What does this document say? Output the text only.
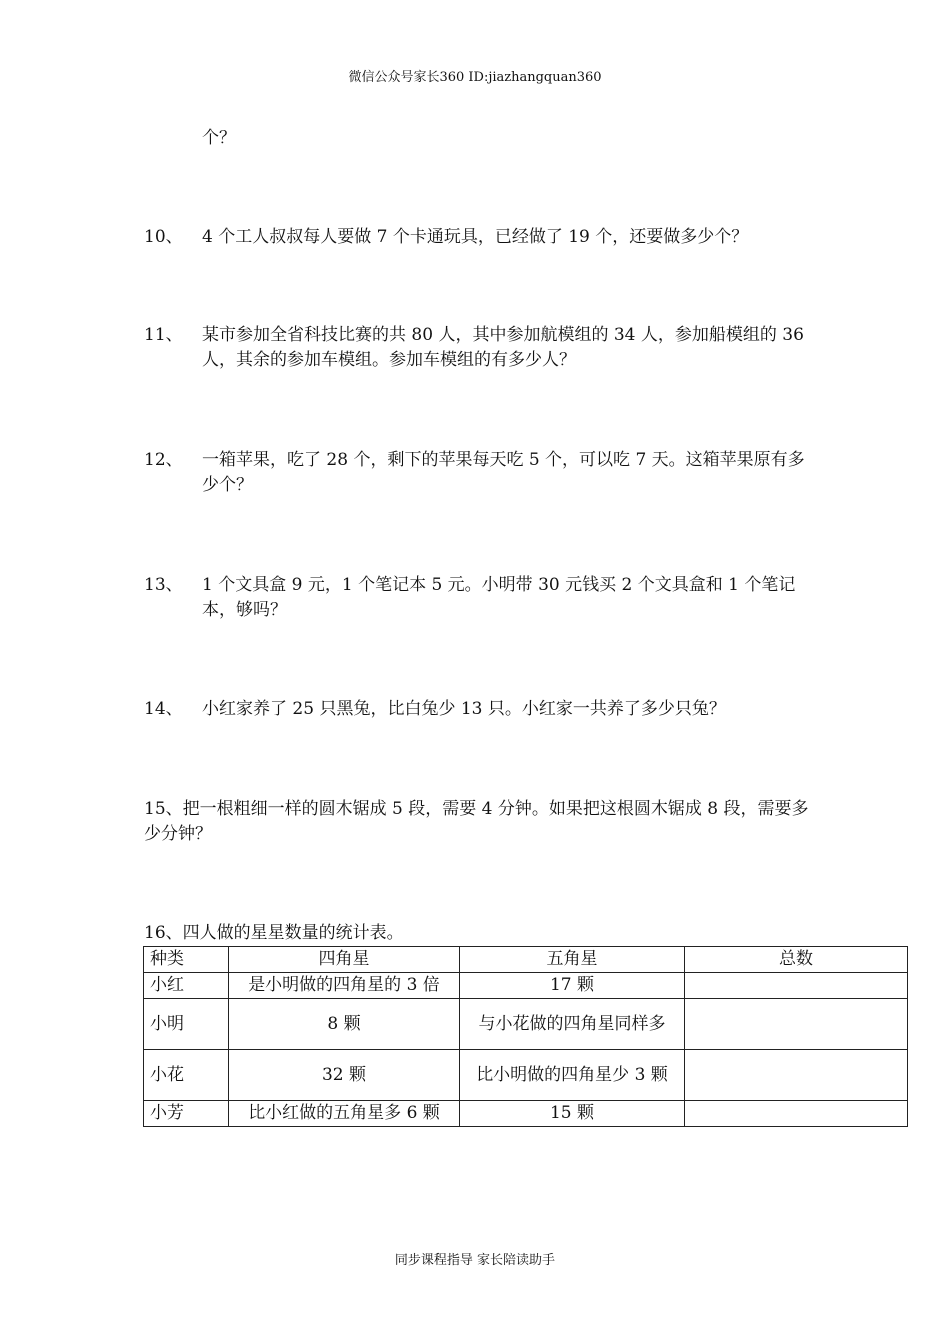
微信公众号家长360 ID:jiazhangquan360
个？
10、 4 个工人叔叔每人要做 7 个卡通玩具，已经做了 19 个，还要做多少个？
11、 某市参加全省科技比赛的共 80 人，其中参加航模组的 34 人，参加船模组的 36 人，其余的参加车模组。参加车模组的有多少人？
12、 一箱苹果，吃了 28 个，剩下的苹果每天吃 5 个，可以吃 7 天。这箱苹果原有多少个？
13、 1 个文具盒 9 元，1 个笔记本 5 元。小明带 30 元钱买 2 个文具盒和 1 个笔记本，够吗？
14、 小红家养了 25 只黑兔，比白兔少 13 只。小红家一共养了多少只兔？
15、把一根粗细一样的圆木锯成 5 段，需要 4 分钟。如果把这根圆木锯成 8 段，需要多少分钟？
16、四人做的星星数量的统计表。
种类	四角星	五角星	总数
小红	是小明做的四角星的 3 倍	17 颗	
小明	8 颗	与小花做的四角星同样多	
小花	32 颗	比小明做的四角星少 3 颗	
小芳	比小红做的五角星多 6 颗	15 颗	
同步课程指导 家长陪读助手
